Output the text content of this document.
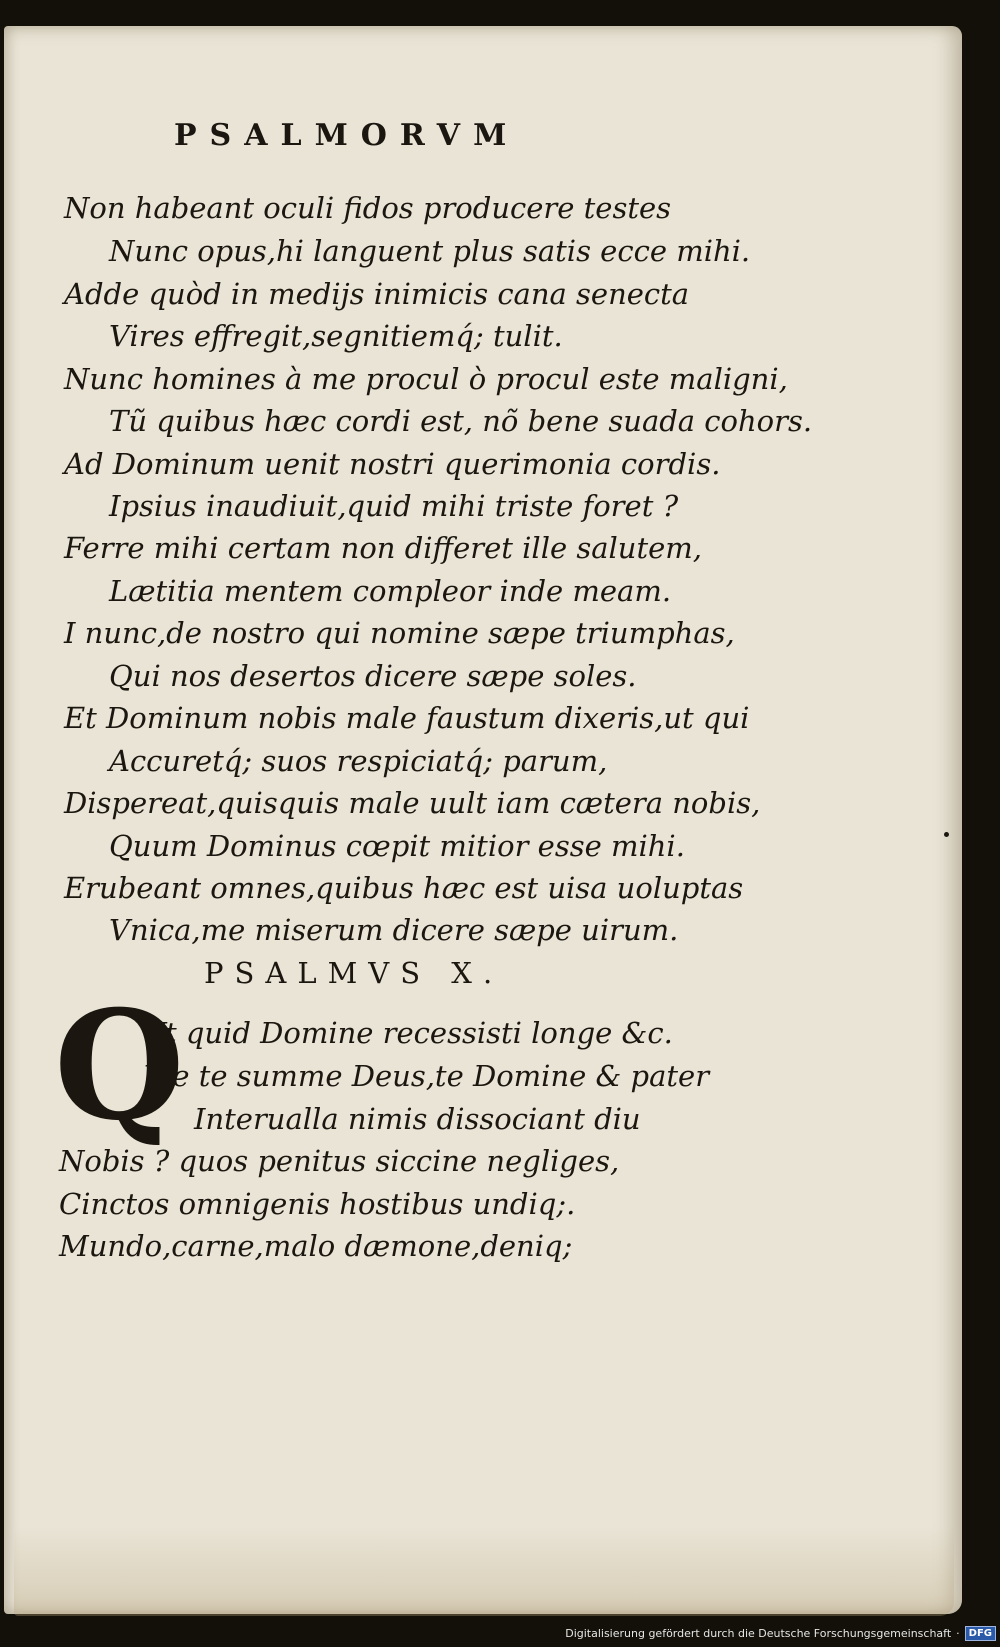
PSALMORVM
Non habeant oculi fidos producere testes
Nunc opus,hi languent plus satis ecce mihi.
Adde quòd in medijs inimicis cana senecta
Vires effregit,segnitiemq́; tulit.
Nunc homines à me procul ò procul este maligni,
Tũ quibus hæc cordi est, nõ bene suada cohors.
Ad Dominum uenit nostri querimonia cordis.
Ipsius inaudiuit,quid mihi triste foret ?
Ferre mihi certam non differet ille salutem,
Lætitia mentem compleor inde meam.
I nunc,de nostro qui nomine sæpe triumphas,
Qui nos desertos dicere sæpe soles.
Et Dominum nobis male faustum dixeris,ut qui
Accuretq́; suos respiciatq́; parum,
Dispereat,quisquis male uult iam cætera nobis,
Quum Dominus cœpit mitior esse mihi.
Erubeant omnes,quibus hæc est uisa uoluptas
Vnica,me miserum dicere sæpe uirum.
PSALMVS X.
Q
Vt quid Domine recessisti longe &c.
Væ te summe Deus,te Domine & pater
Interualla nimis dissociant diu
Nobis ? quos penitus siccine negliges,
Cinctos omnigenis hostibus undiq;.
Mundo,carne,malo dæmone,deniq;
Digitalisierung gefördert durch die Deutsche Forschungsgemeinschaft · DFG
